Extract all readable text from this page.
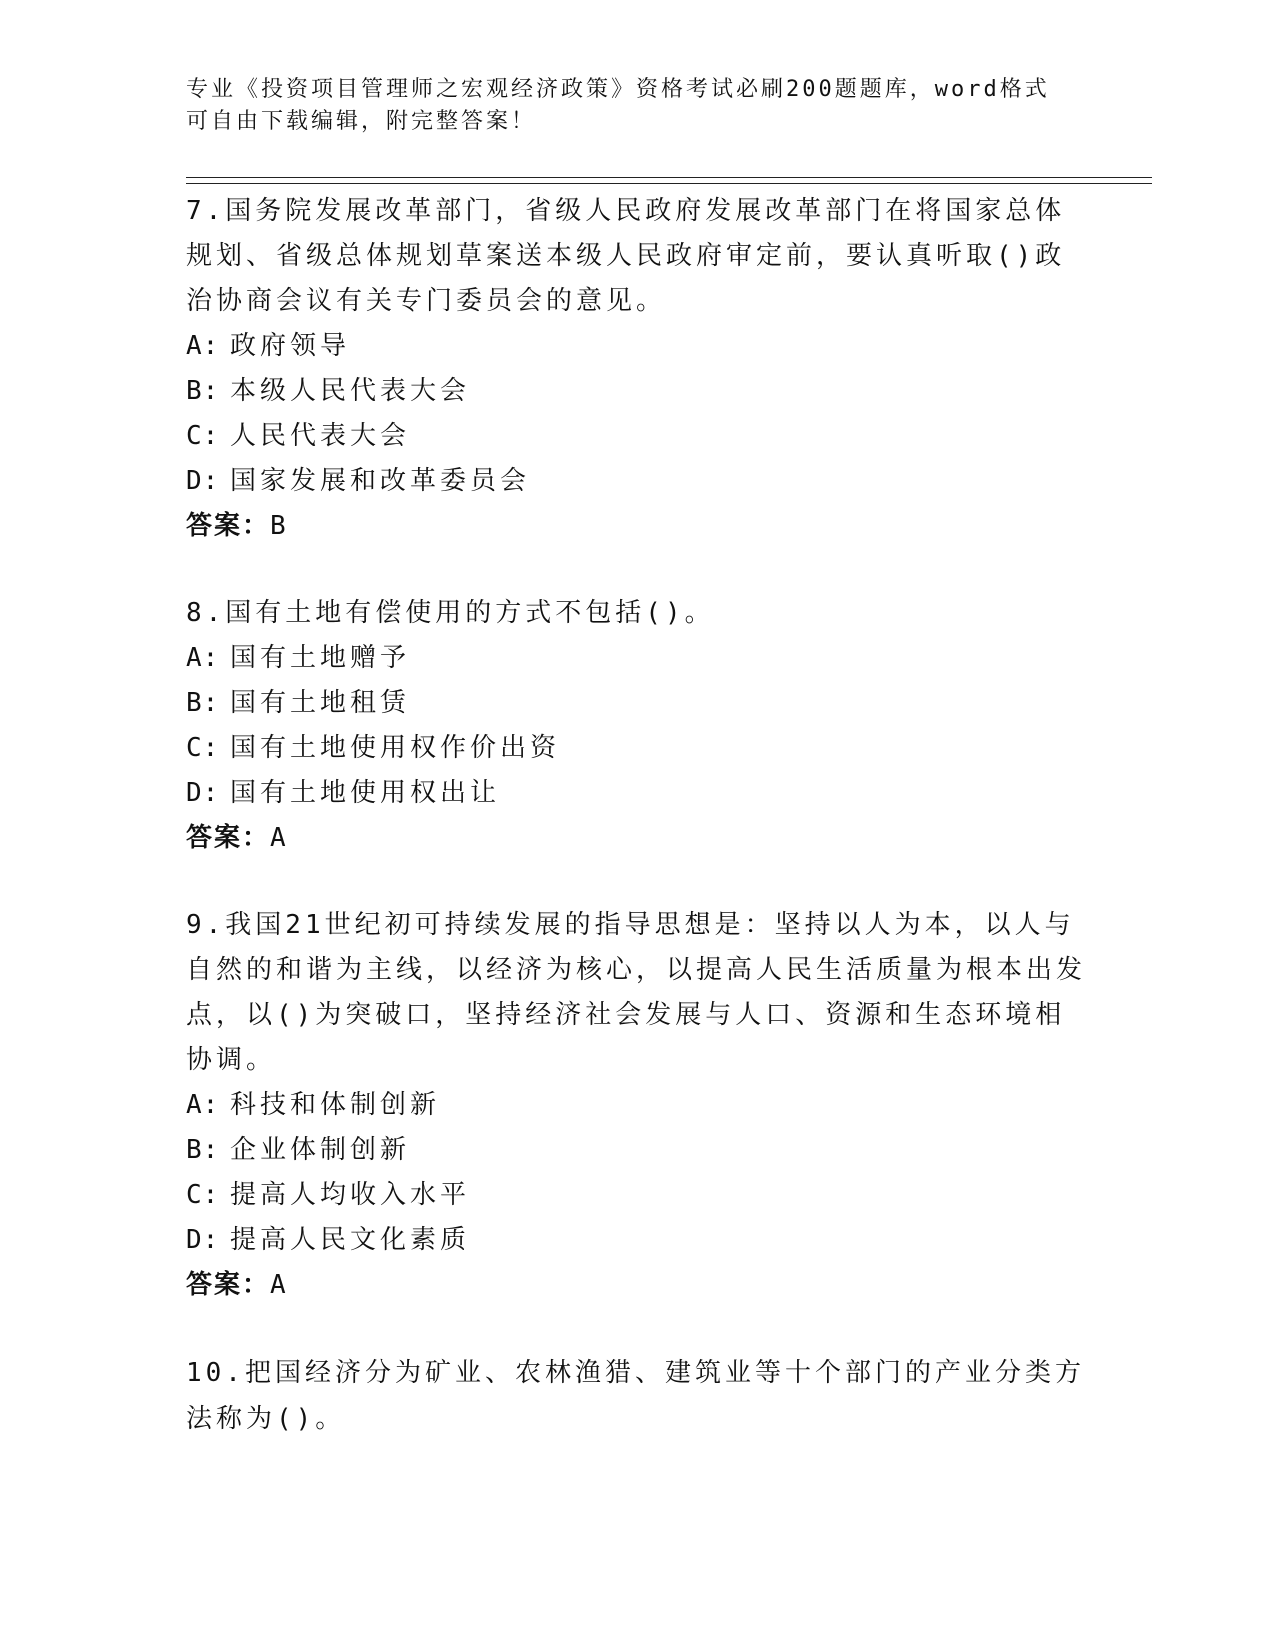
专业《投资项目管理师之宏观经济政策》资格考试必刷200题题库，word格式可自由下载编辑，附完整答案！
7.国务院发展改革部门，省级人民政府发展改革部门在将国家总体规划、省级总体规划草案送本级人民政府审定前，要认真听取()政治协商会议有关专门委员会的意见。
A: 政府领导
B: 本级人民代表大会
C: 人民代表大会
D: 国家发展和改革委员会
答案：B
8.国有土地有偿使用的方式不包括()。
A: 国有土地赠予
B: 国有土地租赁
C: 国有土地使用权作价出资
D: 国有土地使用权出让
答案：A
9.我国21世纪初可持续发展的指导思想是：坚持以人为本，以人与自然的和谐为主线，以经济为核心，以提高人民生活质量为根本出发点，以()为突破口，坚持经济社会发展与人口、资源和生态环境相协调。
A: 科技和体制创新
B: 企业体制创新
C: 提高人均收入水平
D: 提高人民文化素质
答案：A
10.把国经济分为矿业、农林渔猎、建筑业等十个部门的产业分类方法称为()。
